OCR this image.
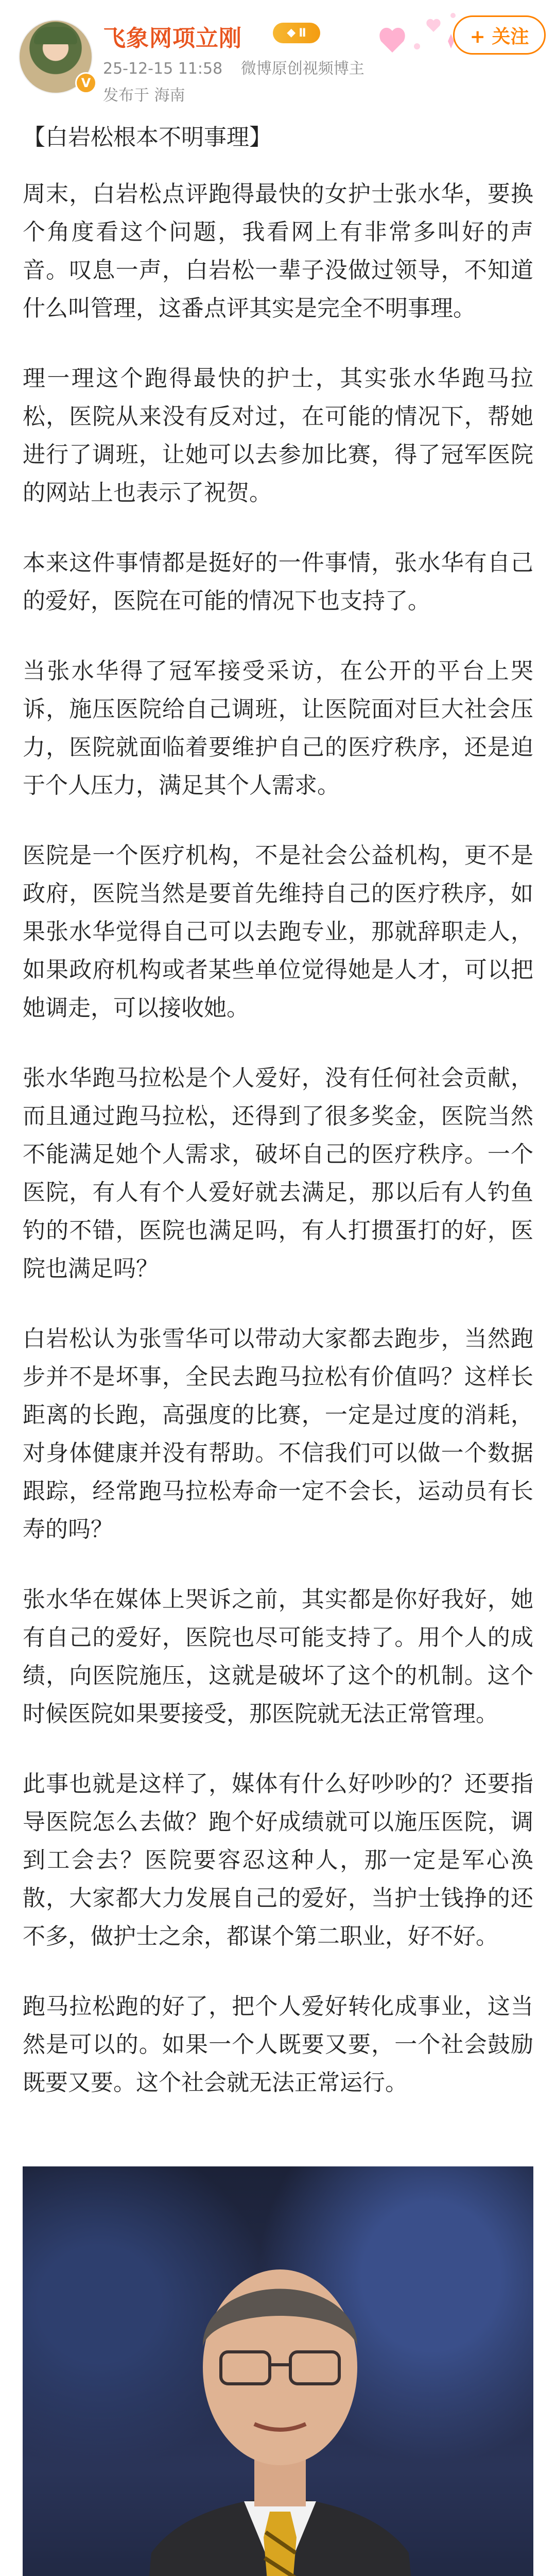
V
飞象网项立刚	◆ Ⅱ
25-12-15 11:58 微博原创视频博主
发布于 海南
+ 关注

【白岩松根本不明事理】

周末，白岩松点评跑得最快的女护士张水华，要换个角度看这个问题，我看网上有非常多叫好的声音。叹息一声，白岩松一辈子没做过领导，不知道什么叫管理，这番点评其实是完全不明事理。

理一理这个跑得最快的护士，其实张水华跑马拉松，医院从来没有反对过，在可能的情况下，帮她进行了调班，让她可以去参加比赛，得了冠军医院的网站上也表示了祝贺。

本来这件事情都是挺好的一件事情，张水华有自己的爱好，医院在可能的情况下也支持了。

当张水华得了冠军接受采访，在公开的平台上哭诉，施压医院给自己调班，让医院面对巨大社会压力，医院就面临着要维护自己的医疗秩序，还是迫于个人压力，满足其个人需求。

医院是一个医疗机构，不是社会公益机构，更不是政府，医院当然是要首先维持自己的医疗秩序，如果张水华觉得自己可以去跑专业，那就辞职走人，如果政府机构或者某些单位觉得她是人才，可以把她调走，可以接收她。

张水华跑马拉松是个人爱好，没有任何社会贡献，而且通过跑马拉松，还得到了很多奖金，医院当然不能满足她个人需求，破坏自己的医疗秩序。一个医院，有人有个人爱好就去满足，那以后有人钓鱼钓的不错，医院也满足吗，有人打掼蛋打的好，医院也满足吗？

白岩松认为张雪华可以带动大家都去跑步，当然跑步并不是坏事，全民去跑马拉松有价值吗？这样长距离的长跑，高强度的比赛，一定是过度的消耗，对身体健康并没有帮助。不信我们可以做一个数据跟踪，经常跑马拉松寿命一定不会长，运动员有长寿的吗？

张水华在媒体上哭诉之前，其实都是你好我好，她有自己的爱好，医院也尽可能支持了。用个人的成绩，向医院施压，这就是破坏了这个的机制。这个时候医院如果要接受，那医院就无法正常管理。

此事也就是这样了，媒体有什么好吵吵的？还要指导医院怎么去做？跑个好成绩就可以施压医院，调到工会去？医院要容忍这种人，那一定是军心涣散，大家都大力发展自己的爱好，当护士钱挣的还不多，做护士之余，都谋个第二职业，好不好。

跑马拉松跑的好了，把个人爱好转化成事业，这当然是可以的。如果一个人既要又要，一个社会鼓励既要又要。这个社会就无法正常运行。
